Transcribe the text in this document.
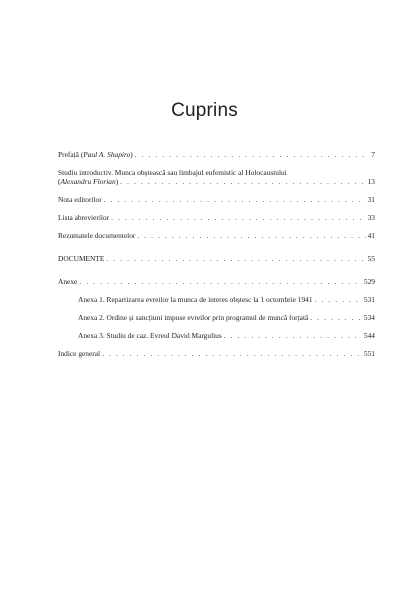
Cuprins
Prefață (Paul A. Shapiro) . . .	7
Studiu introductiv. Munca obștească sau limbajul eufemistic al Holocaustului
(Alexandru Florian) . . .	13
Nota editorilor . . .	31
Lista abrevierilor . . .	33
Rezumatele documentelor . . .	41
DOCUMENTE . . .	55
Anexe . . .	529
Anexa 1. Repartizarea evreilor la munca de interes obștesc la 1 octombrie 1941 . . .	531
Anexa 2. Ordine și sancțiuni impuse evreilor prin programul de muncă forțată . . .	534
Anexa 3. Studiu de caz. Evreul David Margulius . . .	544
Indice general . . .	551
